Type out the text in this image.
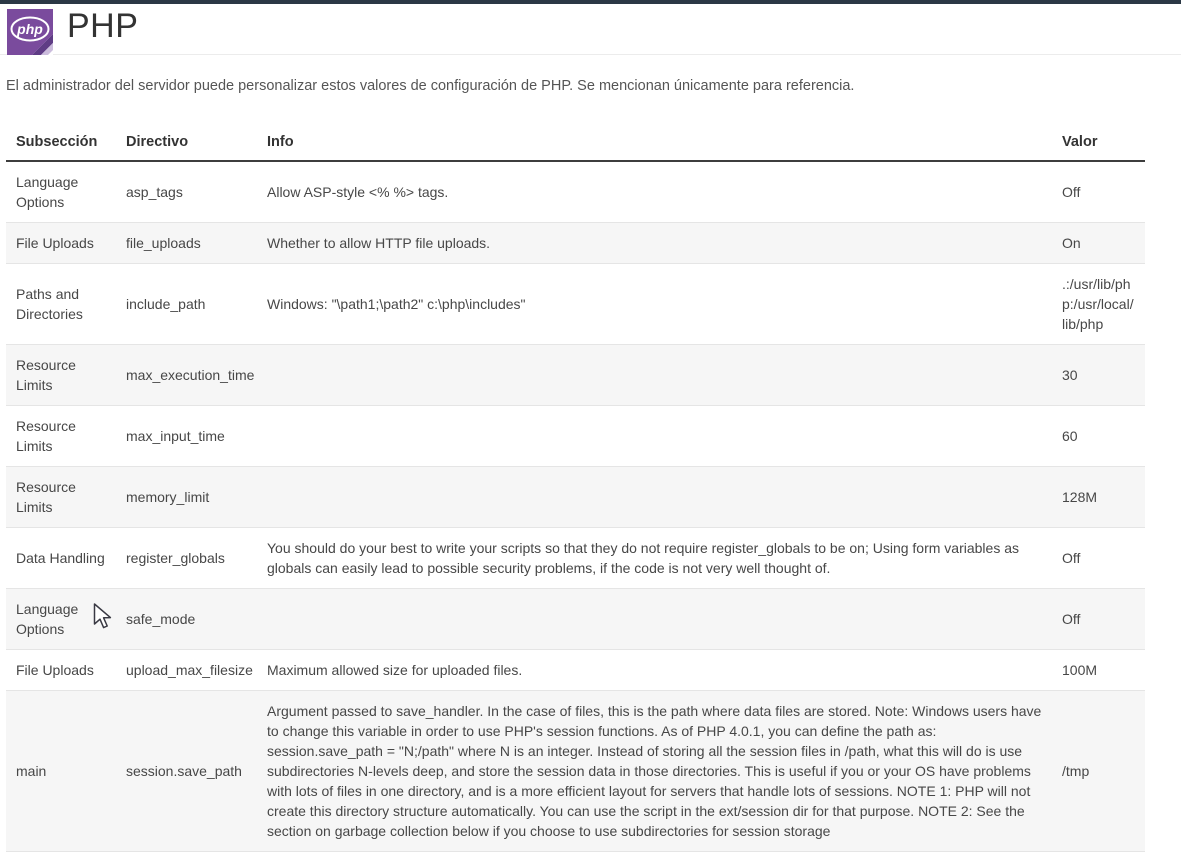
php PHP

El administrador del servidor puede personalizar estos valores de configuración de PHP. Se mencionan únicamente para referencia.

Subsección	Directivo	Info	Valor
Language Options	asp_tags	Allow ASP-style <% %> tags.	Off
File Uploads	file_uploads	Whether to allow HTTP file uploads.	On
Paths and Directories	include_path	Windows: "\path1;\path2" c:\php\includes"	.:/usr/lib/php:/usr/local/lib/php
Resource Limits	max_execution_time		30
Resource Limits	max_input_time		60
Resource Limits	memory_limit		128M
Data Handling	register_globals	You should do your best to write your scripts so that they do not require register_globals to be on; Using form variables as globals can easily lead to possible security problems, if the code is not very well thought of.	Off
Language Options	safe_mode		Off
File Uploads	upload_max_filesize	Maximum allowed size for uploaded files.	100M
main	session.save_path	Argument passed to save_handler. In the case of files, this is the path where data files are stored. Note: Windows users have to change this variable in order to use PHP's session functions. As of PHP 4.0.1, you can define the path as: session.save_path = "N;/path" where N is an integer. Instead of storing all the session files in /path, what this will do is use subdirectories N-levels deep, and store the session data in those directories. This is useful if you or your OS have problems with lots of files in one directory, and is a more efficient layout for servers that handle lots of sessions. NOTE 1: PHP will not create this directory structure automatically. You can use the script in the ext/session dir for that purpose. NOTE 2: See the section on garbage collection below if you choose to use subdirectories for session storage	/tmp
